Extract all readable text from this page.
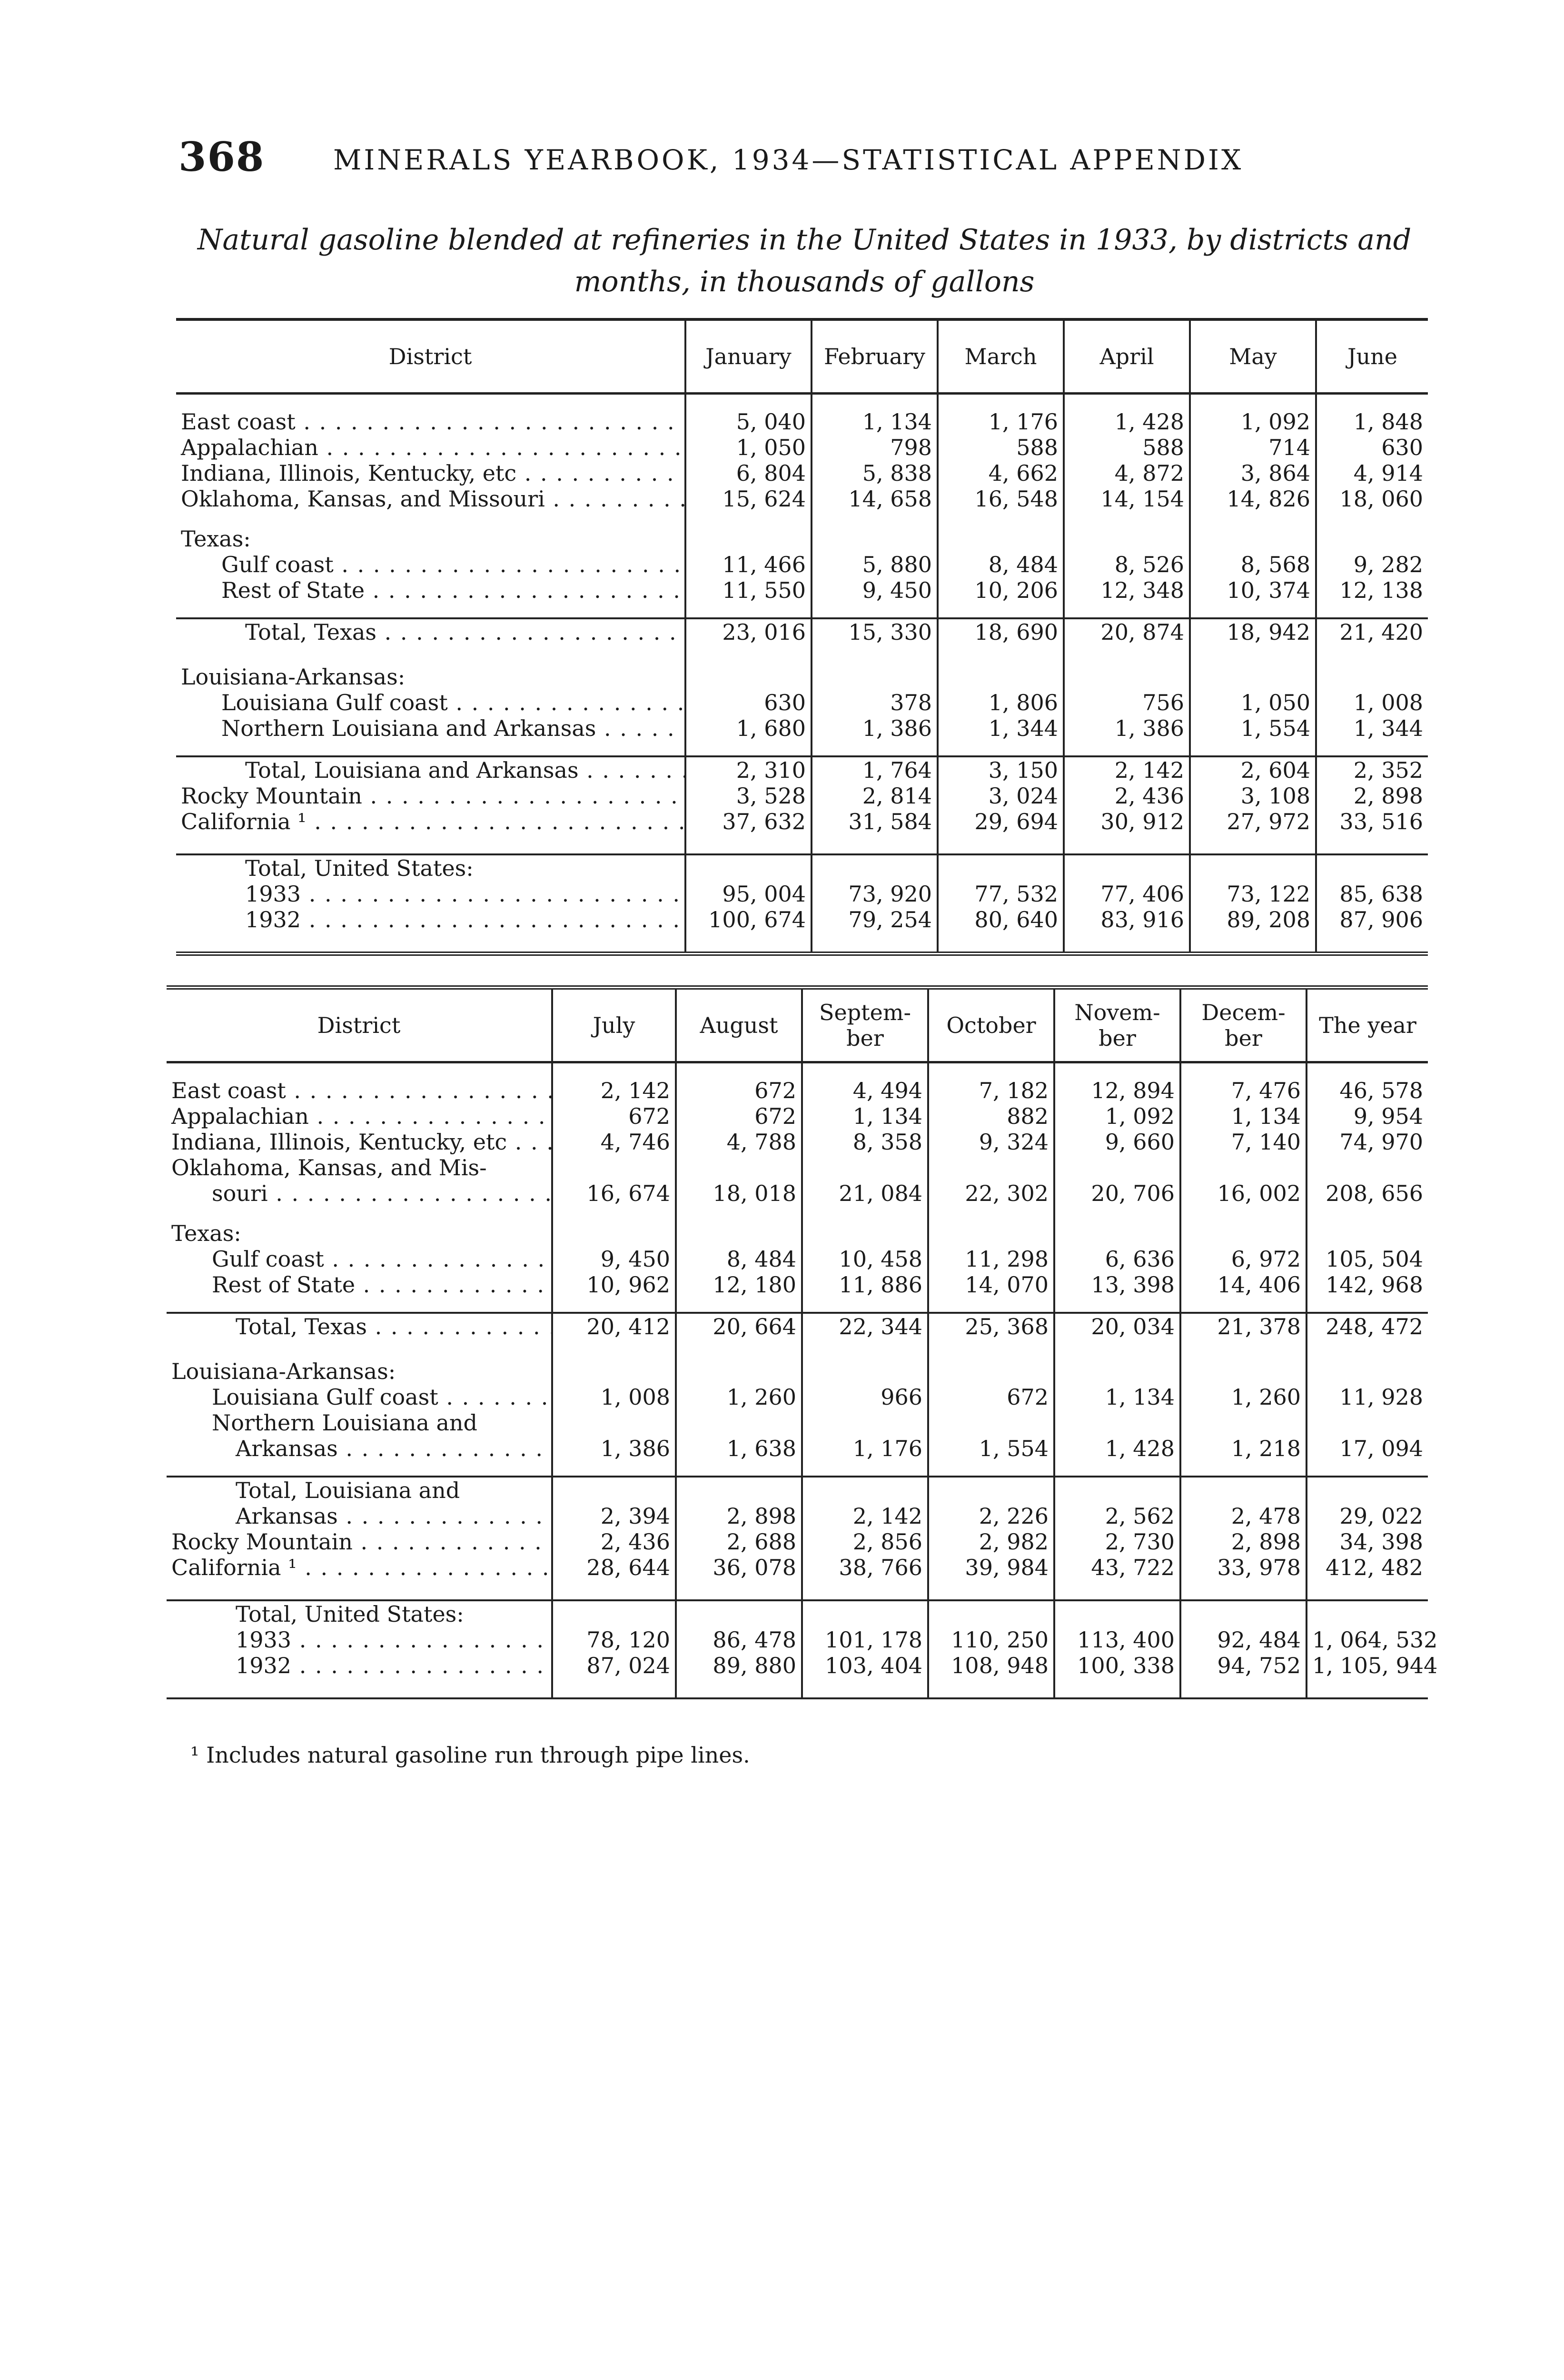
368 MINERALS YEARBOOK, 1934—STATISTICAL APPENDIX
Natural gasoline blended at refineries in the United States in 1933, by districts and
months, in thousands of gallons
District	January	February	March	April	May	June

East coast . . .	5, 040	1, 134	1, 176	1, 428	1, 092	1, 848
Appalachian . . .	1, 050	798	588	588	714	630
Indiana, Illinois, Kentucky, etc . . .	6, 804	5, 838	4, 662	4, 872	3, 864	4, 914
Oklahoma, Kansas, and Missouri . . .	15, 624	14, 658	16, 548	14, 154	14, 826	18, 060

Texas:						
Gulf coast . . .	11, 466	5, 880	8, 484	8, 526	8, 568	9, 282
Rest of State . . .	11, 550	9, 450	10, 206	12, 348	10, 374	12, 138

Total, Texas . . .	23, 016	15, 330	18, 690	20, 874	18, 942	21, 420
Louisiana-Arkansas:						
Louisiana Gulf coast . . .	630	378	1, 806	756	1, 050	1, 008
Northern Louisiana and Arkansas . . .	1, 680	1, 386	1, 344	1, 386	1, 554	1, 344

Total, Louisiana and Arkansas . . .	2, 310	1, 764	3, 150	2, 142	2, 604	2, 352
Rocky Mountain . . .	3, 528	2, 814	3, 024	2, 436	3, 108	2, 898
California ¹ . . .	37, 632	31, 584	29, 694	30, 912	27, 972	33, 516
Total, United States:						
1933 . . .	95, 004	73, 920	77, 532	77, 406	73, 122	85, 638
1932 . . .	100, 674	79, 254	80, 640	83, 916	89, 208	87, 906
District	July	August	Septem-ber	October	Novem-ber	Decem-ber	The year

East coast . . .	2, 142	672	4, 494	7, 182	12, 894	7, 476	46, 578
Appalachian . . .	672	672	1, 134	882	1, 092	1, 134	9, 954
Indiana, Illinois, Kentucky, etc . . .	4, 746	4, 788	8, 358	9, 324	9, 660	7, 140	74, 970
Oklahoma, Kansas, and Mis-							
souri . . .	16, 674	18, 018	21, 084	22, 302	20, 706	16, 002	208, 656

Texas:							
Gulf coast . . .	9, 450	8, 484	10, 458	11, 298	6, 636	6, 972	105, 504
Rest of State . . .	10, 962	12, 180	11, 886	14, 070	13, 398	14, 406	142, 968

Total, Texas . . .	20, 412	20, 664	22, 344	25, 368	20, 034	21, 378	248, 472
Louisiana-Arkansas:							
Louisiana Gulf coast . . .	1, 008	1, 260	966	672	1, 134	1, 260	11, 928
Northern Louisiana and							
Arkansas . . .	1, 386	1, 638	1, 176	1, 554	1, 428	1, 218	17, 094

Total, Louisiana and							
Arkansas . . .	2, 394	2, 898	2, 142	2, 226	2, 562	2, 478	29, 022
Rocky Mountain . . .	2, 436	2, 688	2, 856	2, 982	2, 730	2, 898	34, 398
California ¹ . . .	28, 644	36, 078	38, 766	39, 984	43, 722	33, 978	412, 482
Total, United States:							
1933 . . .	78, 120	86, 478	101, 178	110, 250	113, 400	92, 484	1, 064, 532
1932 . . .	87, 024	89, 880	103, 404	108, 948	100, 338	94, 752	1, 105, 944
¹ Includes natural gasoline run through pipe lines.
